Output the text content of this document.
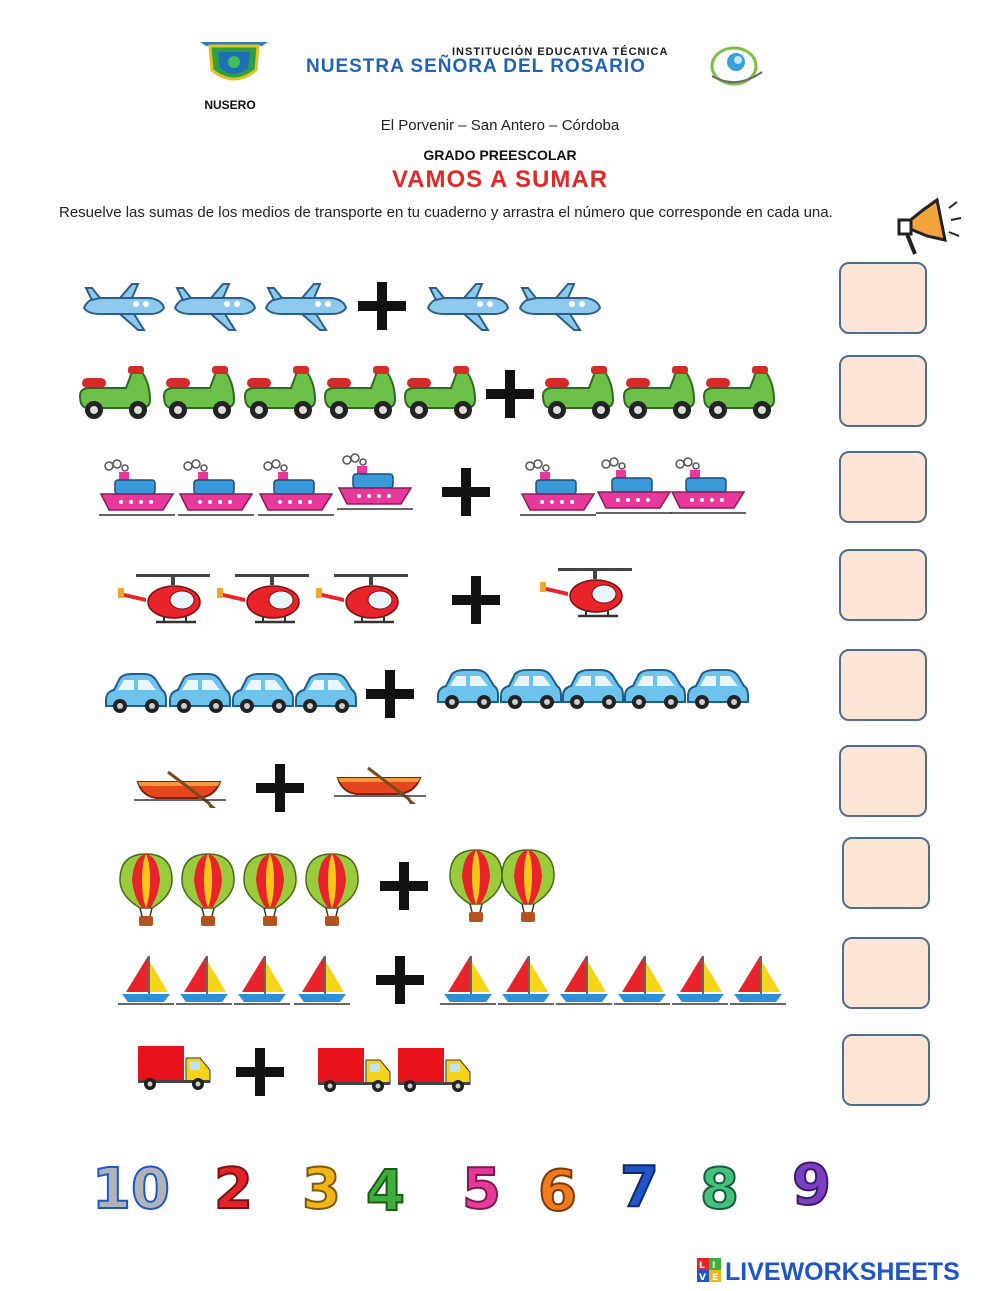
NUSERO
INSTITUCIÓN EDUCATIVA TÉCNICA
NUESTRA SEÑORA DEL ROSARIO
El Porvenir – San Antero – Córdoba
GRADO PREESCOLAR
VAMOS A SUMAR
Resuelve las sumas de los medios de transporte en tu cuaderno y arrastra el número que corresponde en cada una.
10 2 3 4 5 6 7 8 9
L I
V E LIVEWORKSHEETS
